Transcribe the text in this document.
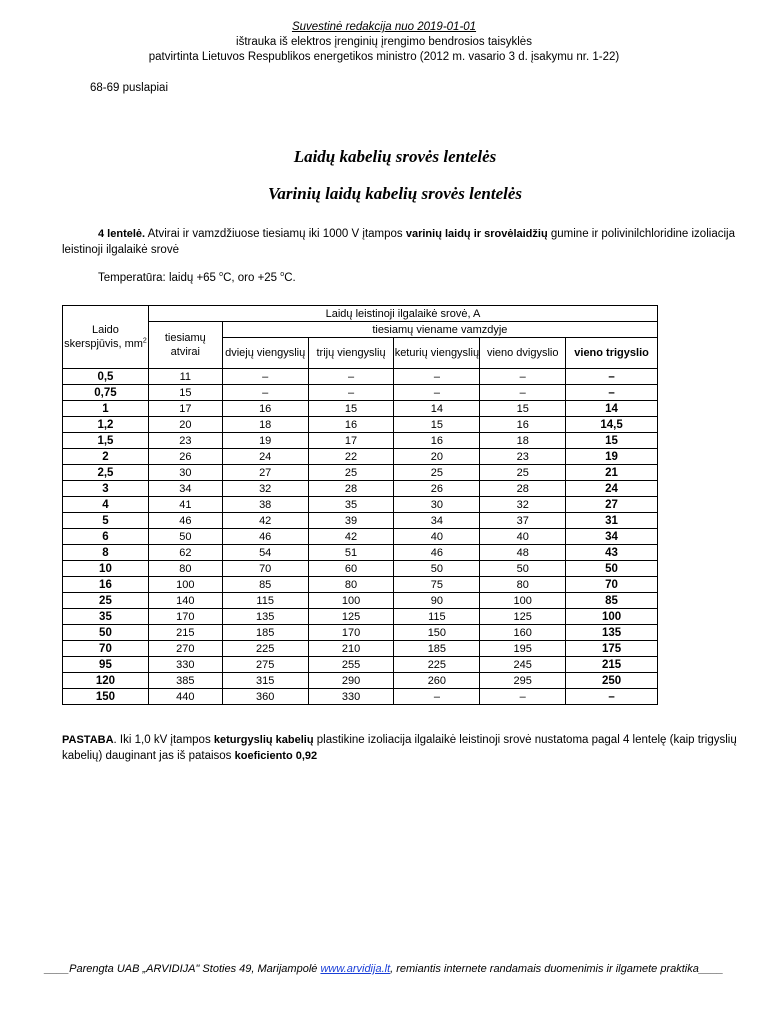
Suvestinė redakcija nuo 2019-01-01
ištrauka iš elektros įrenginių įrengimo bendrosios taisyklės
patvirtinta Lietuvos Respublikos energetikos ministro (2012 m. vasario 3 d. įsakymu nr. 1-22)
68-69 puslapiai
Laidų kabelių srovės lentelės
Varinių laidų kabelių srovės lentelės
4 lentelė. Atvirai ir vamzdžiuose tiesiamų iki 1000 V įtampos varinių laidų ir srovėlaidžių gumine ir polivinilchloridine izoliacija leistinoji ilgalaikė srovė
Temperatūra: laidų +65 $^o$C, oro +25 $^o$C.
Laido skerspjūvis, $mm^2$	Laidų leistinoji ilgalaikė srovė, A					
	tiesiamų atvirai	tiesiamų viename vamzdyje				
		dviejų viengyslių	trijų viengyslių	keturių viengyslių	vieno dvigyslio	vieno trigyslio
0,5	11	–	–	–	–	–
0,75	15	–	–	–	–	–
1	17	16	15	14	15	14
1,2	20	18	16	15	16	14,5
1,5	23	19	17	16	18	15
2	26	24	22	20	23	19
2,5	30	27	25	25	25	21
3	34	32	28	26	28	24
4	41	38	35	30	32	27
5	46	42	39	34	37	31
6	50	46	42	40	40	34
8	62	54	51	46	48	43
10	80	70	60	50	50	50
16	100	85	80	75	80	70
25	140	115	100	90	100	85
35	170	135	125	115	125	100
50	215	185	170	150	160	135
70	270	225	210	185	195	175
95	330	275	255	225	245	215
120	385	315	290	260	295	250
150	440	360	330	–	–	–
PASTABA. Iki 1,0 kV įtampos keturgyslių kabelių plastikine izoliacija ilgalaikė leistinoji srovė nustatoma pagal 4 lentelę (kaip trigyslių kabelių) dauginant jas iš pataisos koeficiento 0,92
____Parengta UAB „ARVIDIJA" Stoties 49, Marijampolė www.arvidija.lt, remiantis internete randamais duomenimis ir ilgamete praktika____
